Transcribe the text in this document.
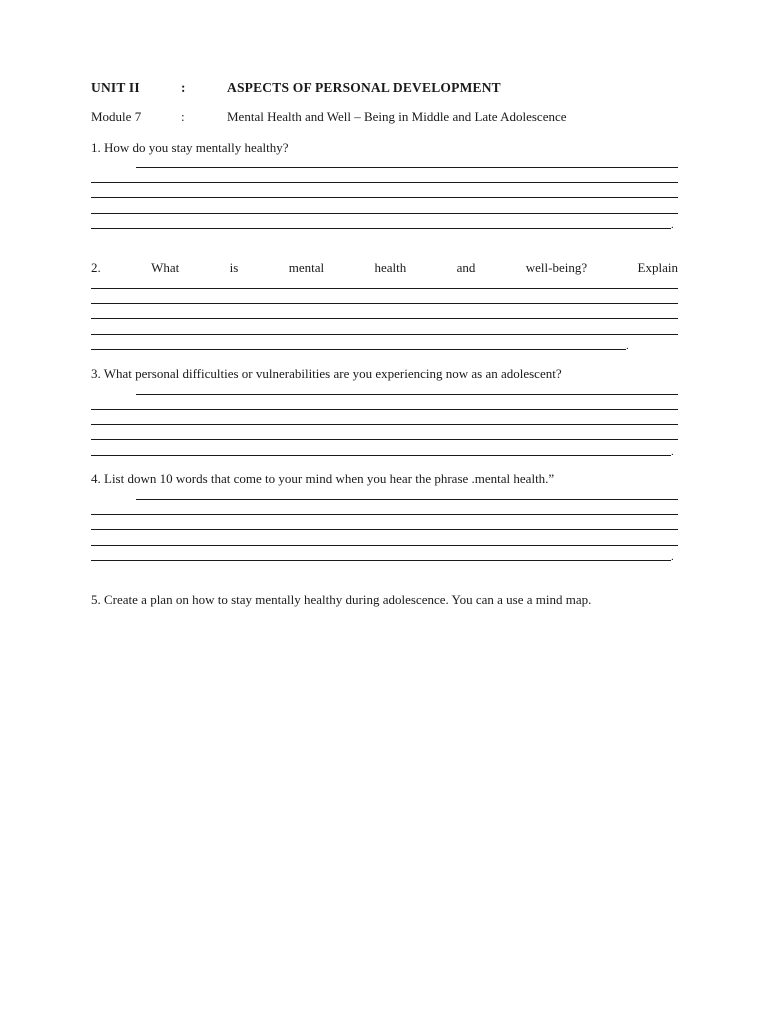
UNIT II	:	ASPECTS OF PERSONAL DEVELOPMENT
Module 7	:	Mental Health and Well – Being in Middle and Late Adolescence
1. How do you stay mentally healthy?
.
2.	What	is	mental	health	and	well-being?	Explain
.
3. What personal difficulties or vulnerabilities are you experiencing now as an adolescent?
.
4. List down 10 words that come to your mind when you hear the phrase .mental health.”
.
5. Create a plan on how to stay mentally healthy during adolescence. You can a use a mind map.
